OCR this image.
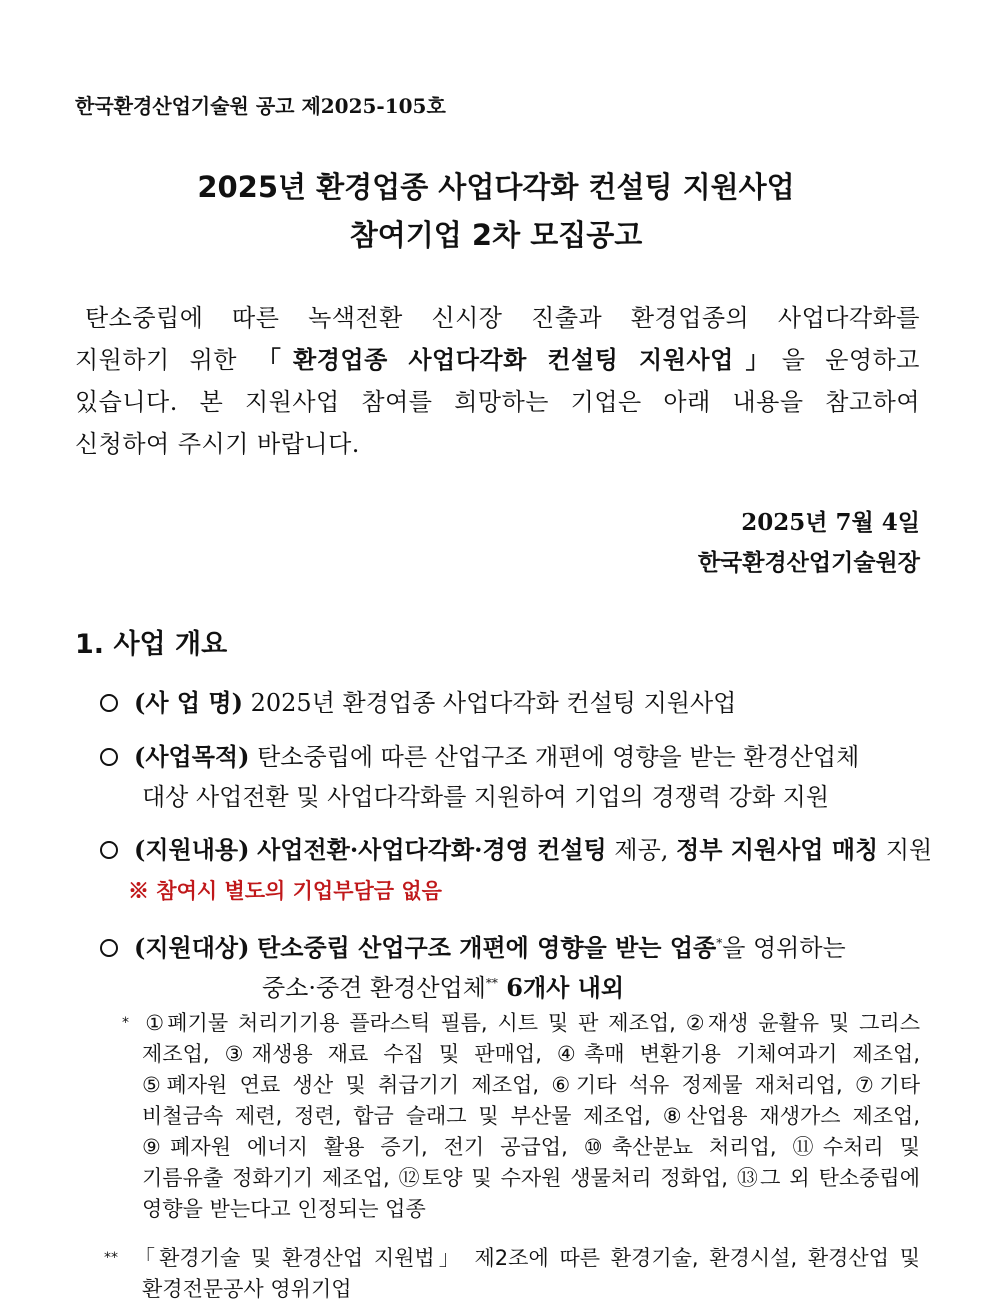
한국환경산업기술원 공고 제2025-105호
2025년 환경업종 사업다각화 컨설팅 지원사업
참여기업 2차 모집공고
탄소중립에 따른 녹색전환 신시장 진출과 환경업종의 사업다각화를
지원하기 위한 「환경업종 사업다각화 컨설팅 지원사업」을 운영하고
있습니다. 본 지원사업 참여를 희망하는 기업은 아래 내용을 참고하여
신청하여 주시기 바랍니다.
2025년 7월 4일
한국환경산업기술원장
1. 사업 개요
(사 업 명) 2025년 환경업종 사업다각화 컨설팅 지원사업
(사업목적) 탄소중립에 따른 산업구조 개편에 영향을 받는 환경산업체
대상 사업전환 및 사업다각화를 지원하여 기업의 경쟁력 강화 지원
(지원내용) 사업전환·사업다각화·경영 컨설팅 제공, 정부 지원사업 매칭 지원
※ 참여시 별도의 기업부담금 없음
(지원대상) 탄소중립 산업구조 개편에 영향을 받는 업종*을 영위하는
중소·중견 환경산업체** 6개사 내외
* ①폐기물 처리기기용 플라스틱 필름, 시트 및 판 제조업, ②재생 윤활유 및 그리스
제조업, ③재생용 재료 수집 및 판매업, ④촉매 변환기용 기체여과기 제조업,
⑤폐자원 연료 생산 및 취급기기 제조업, ⑥기타 석유 정제물 재처리업, ⑦기타
비철금속 제련, 정련, 합금 슬래그 및 부산물 제조업, ⑧산업용 재생가스 제조업,
⑨폐자원 에너지 활용 증기, 전기 공급업, ⑩축산분뇨 처리업, ⑪수처리 및
기름유출 정화기기 제조업, ⑫토양 및 수자원 생물처리 정화업, ⑬그 외 탄소중립에
영향을 받는다고 인정되는 업종
** 「환경기술 및 환경산업 지원법」 제2조에 따른 환경기술, 환경시설, 환경산업 및
환경전문공사 영위기업
